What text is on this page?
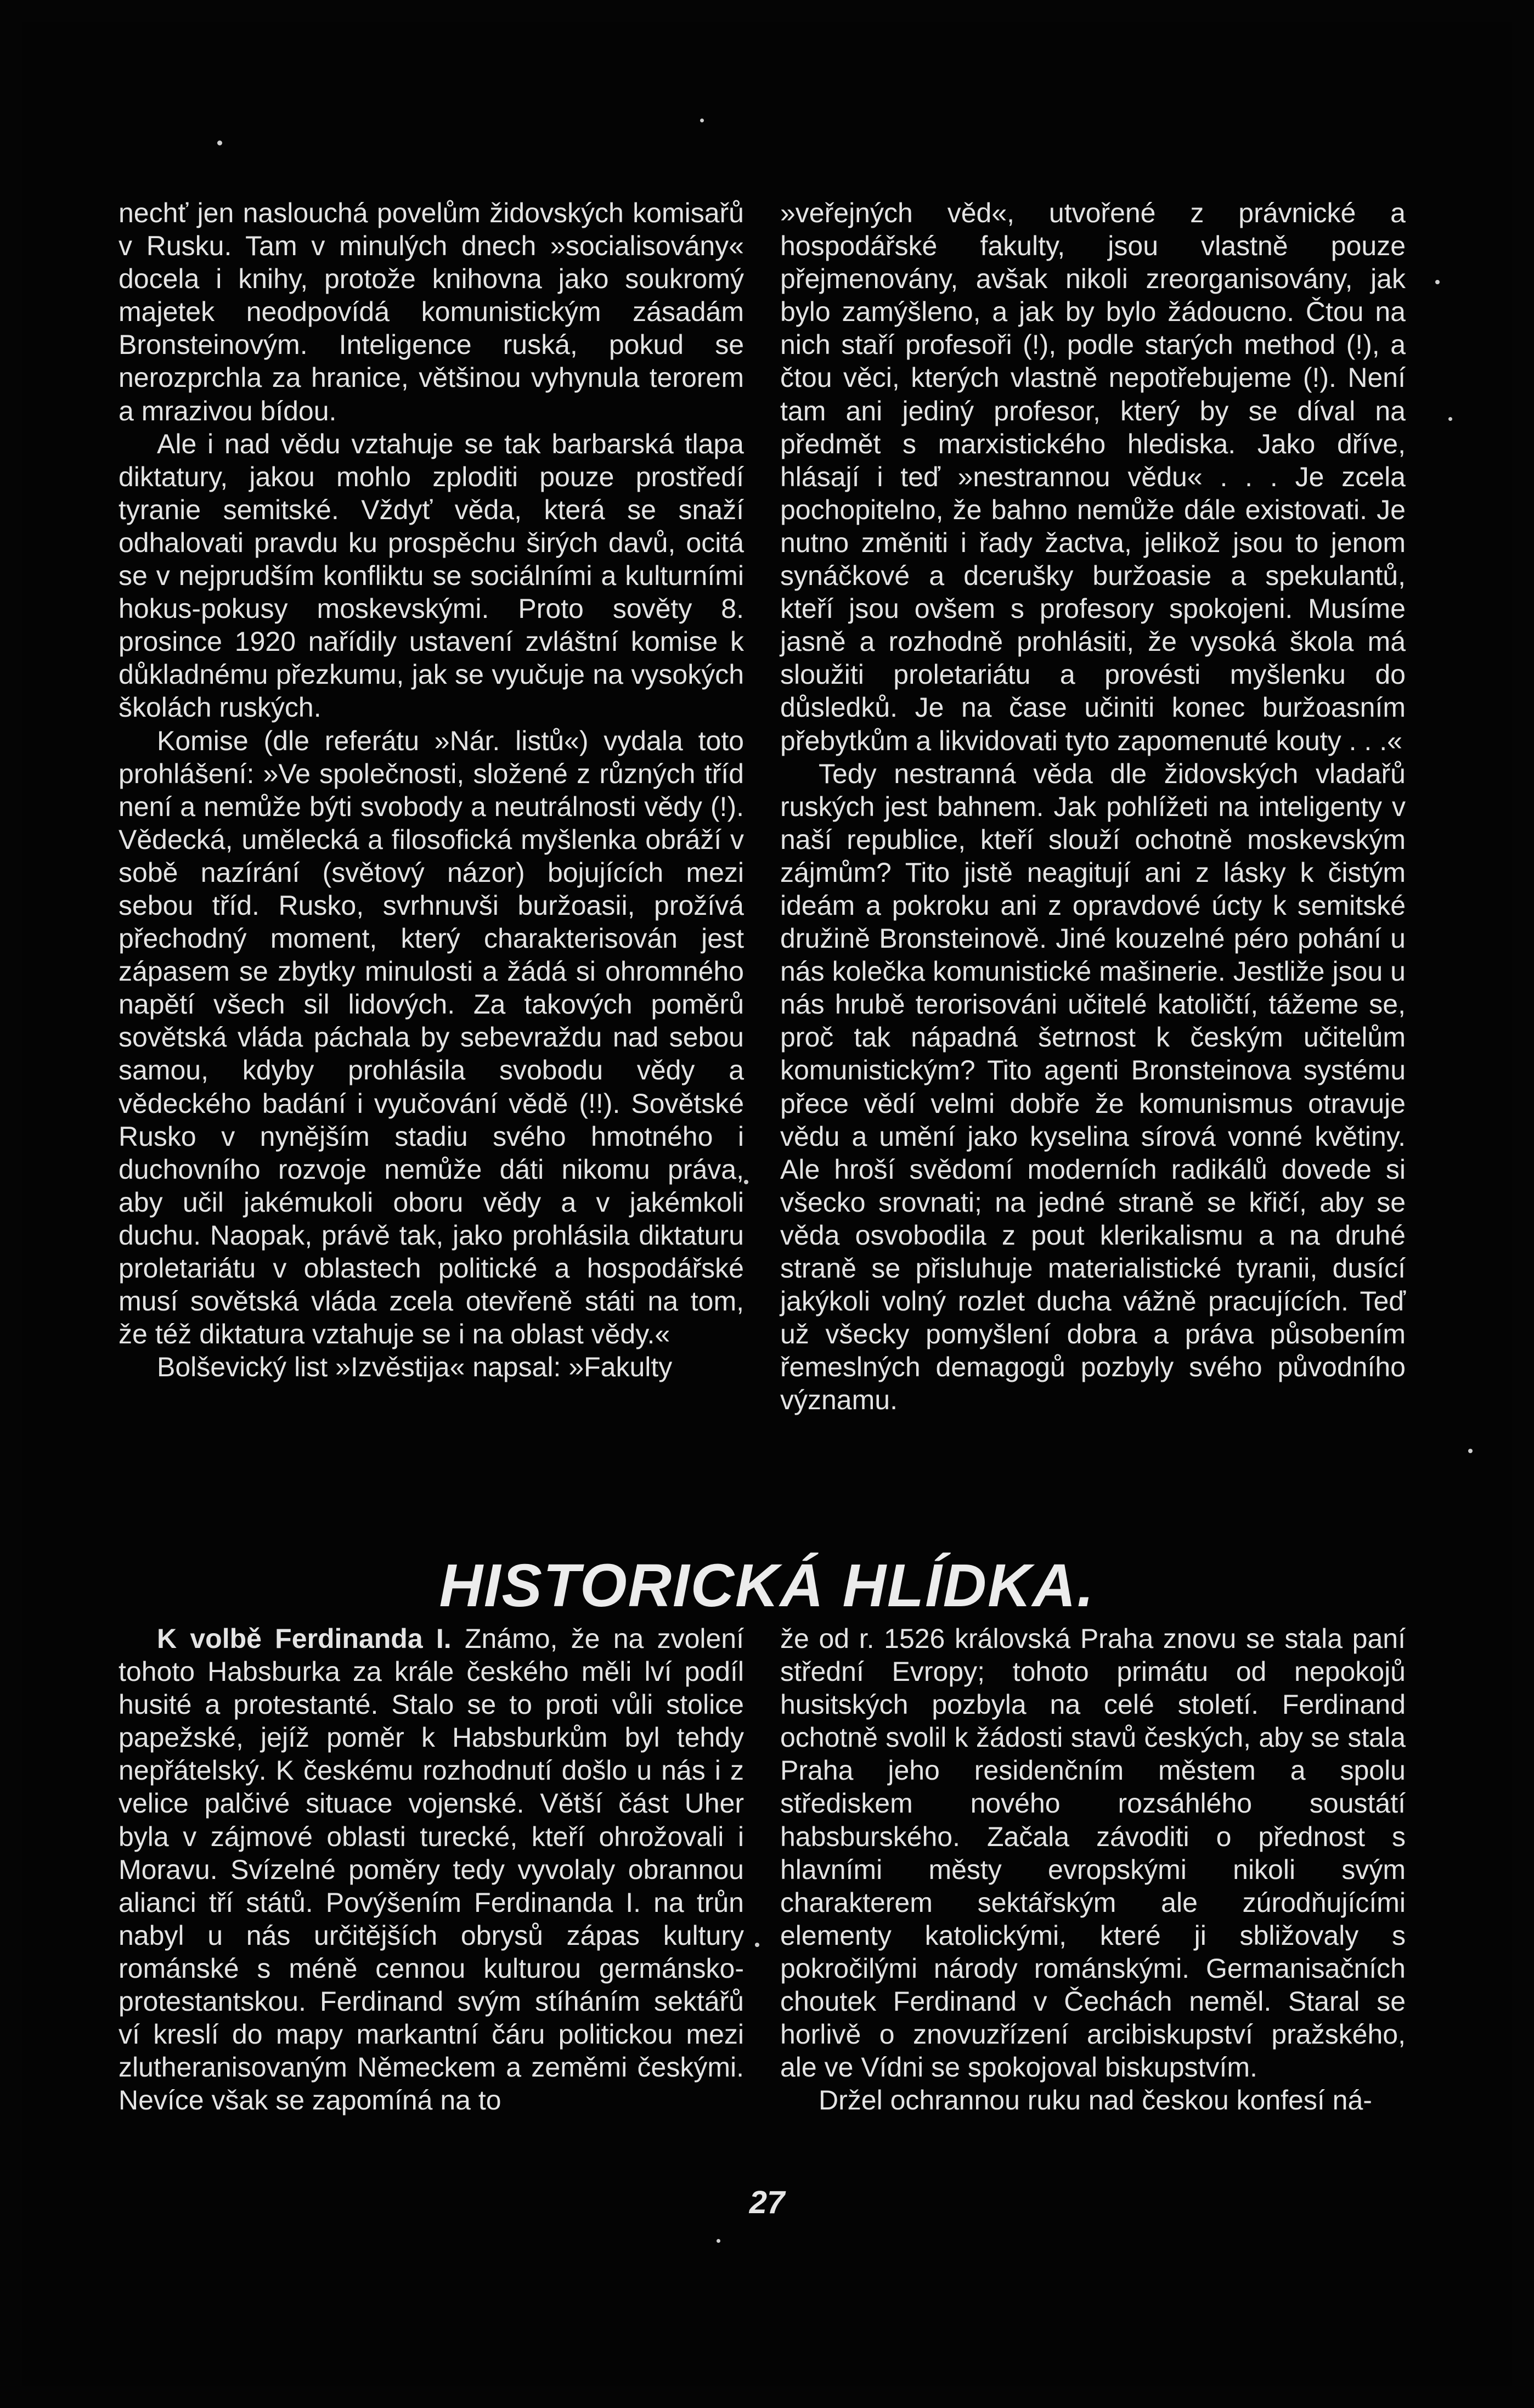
nechť jen naslouchá povelům židovských komisařů v Rusku. Tam v minulých dnech »socialisovány« docela i knihy, protože knihovna jako soukromý majetek neodpovídá komunistickým zásadám Bronsteinovým. Inteligence ruská, pokud se nerozprchla za hranice, většinou vyhynula terorem a mrazivou bídou.

Ale i nad vědu vztahuje se tak barbarská tlapa diktatury, jakou mohlo zploditi pouze prostředí tyranie semitské. Vždyť věda, která se snaží odhalovati pravdu ku prospěchu širých davů, ocitá se v nejprudším konfliktu se sociálními a kulturními hokus-pokusy moskevskými. Proto sověty 8. prosince 1920 nařídily ustavení zvláštní komise k důkladnému přezkumu, jak se vyučuje na vysokých školách ruských.

Komise (dle referátu »Nár. listů«) vydala toto prohlášení: »Ve společnosti, složené z různých tříd není a nemůže býti svobody a neutrálnosti vědy (!). Vědecká, umělecká a filosofická myšlenka obráží v sobě nazírání (světový názor) bojujících mezi sebou tříd. Rusko, svrhnuvši buržoasii, prožívá přechodný moment, který charakterisován jest zápasem se zbytky minulosti a žádá si ohromného napětí všech sil lidových. Za takových poměrů sovětská vláda páchala by sebevraždu nad sebou samou, kdyby prohlásila svobodu vědy a vědeckého badání i vyučování vědě (!!). Sovětské Rusko v nynějším stadiu svého hmotného i duchovního rozvoje nemůže dáti nikomu práva, aby učil jakémukoli oboru vědy a v jakémkoli duchu. Naopak, právě tak, jako prohlásila diktaturu proletariátu v oblastech politické a hospodářské musí sovětská vláda zcela otevřeně státi na tom, že též diktatura vztahuje se i na oblast vědy.«

Bolševický list »Izvěstija« napsal: »Fakulty

»veřejných věd«, utvořené z právnické a hospodářské fakulty, jsou vlastně pouze přejmenovány, avšak nikoli zreorganisovány, jak bylo zamýšleno, a jak by bylo žádoucno. Čtou na nich staří profesoři (!), podle starých method (!), a čtou věci, kterých vlastně nepotřebujeme (!). Není tam ani jediný profesor, který by se díval na předmět s marxistického hlediska. Jako dříve, hlásají i teď »nestrannou vědu« . . . Je zcela pochopitelno, že bahno nemůže dále existovati. Je nutno změniti i řady žactva, jelikož jsou to jenom synáčkové a dcerušky buržoasie a spekulantů, kteří jsou ovšem s profesory spokojeni. Musíme jasně a rozhodně prohlásiti, že vysoká škola má sloužiti proletariátu a provésti myšlenku do důsledků. Je na čase učiniti konec buržoasním přebytkům a likvidovati tyto zapomenuté kouty . . .«

Tedy nestranná věda dle židovských vladařů ruských jest bahnem. Jak pohlížeti na inteligenty v naší republice, kteří slouží ochotně moskevským zájmům? Tito jistě neagitují ani z lásky k čistým ideám a pokroku ani z opravdové úcty k semitské družině Bronsteinově. Jiné kouzelné péro pohání u nás kolečka komunistické mašinerie. Jestliže jsou u nás hrubě terorisováni učitelé katoličtí, tážeme se, proč tak nápadná šetrnost k českým učitelům komunistickým? Tito agenti Bronsteinova systému přece vědí velmi dobře že komunismus otravuje vědu a umění jako kyselina sírová vonné květiny. Ale hroší svědomí moderních radikálů dovede si všecko srovnati; na jedné straně se křičí, aby se věda osvobodila z pout klerikalismu a na druhé straně se přisluhuje materialistické tyranii, dusící jakýkoli volný rozlet ducha vážně pracujících. Teď už všecky pomyšlení dobra a práva působením řemeslných demagogů pozbyly svého původního významu.

HISTORICKÁ HLÍDKA.

K volbě Ferdinanda I. Známo, že na zvolení tohoto Habsburka za krále českého měli lví podíl husité a protestanté. Stalo se to proti vůli stolice papežské, jejíž poměr k Habsburkům byl tehdy nepřátelský. K českému rozhodnutí došlo u nás i z velice palčivé situace vojenské. Větší část Uher byla v zájmové oblasti turecké, kteří ohrožovali i Moravu. Svízelné poměry tedy vyvolaly obrannou alianci tří států. Povýšením Ferdinanda I. na trůn nabyl u nás určitějších obrysů zápas kultury románské s méně cennou kulturou germánsko-protestantskou. Ferdinand svým stíháním sektářů ví kreslí do mapy markantní čáru politickou mezi zlutheranisovaným Německem a zeměmi českými. Nevíce však se zapomíná na to

že od r. 1526 královská Praha znovu se stala paní střední Evropy; tohoto primátu od nepokojů husitských pozbyla na celé století. Ferdinand ochotně svolil k žádosti stavů českých, aby se stala Praha jeho residenčním městem a spolu střediskem nového rozsáhlého soustátí habsburského. Začala závoditi o přednost s hlavními městy evropskými nikoli svým charakterem sektářským ale zúrodňujícími elementy katolickými, které ji sbližovaly s pokročilými národy románskými. Germanisačních choutek Ferdinand v Čechách neměl. Staral se horlivě o znovuzřízení arcibiskupství pražského, ale ve Vídni se spokojoval biskupstvím.

Držel ochrannou ruku nad českou konfesí ná-

27
